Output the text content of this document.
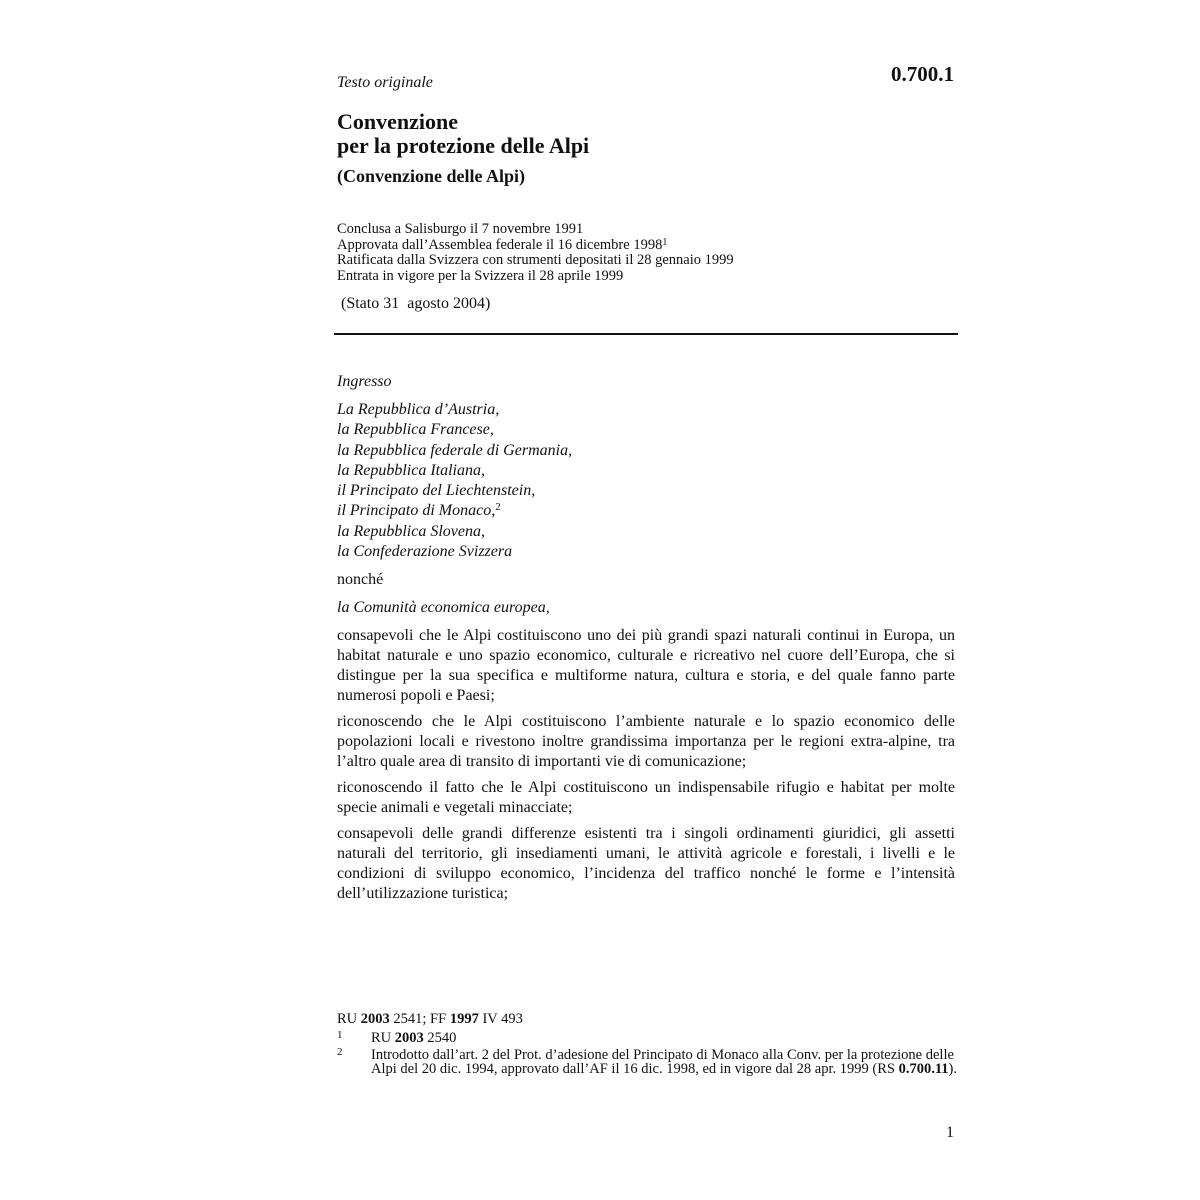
Testo originale	0.700.1
Convenzione
per la protezione delle Alpi
(Convenzione delle Alpi)
Conclusa a Salisburgo il 7 novembre 1991
Approvata dall’Assemblea federale il 16 dicembre 1998$^1$
Ratificata dalla Svizzera con strumenti depositati il 28 gennaio 1999
Entrata in vigore per la Svizzera il 28 aprile 1999
(Stato 31  agosto 2004)

Ingresso

La Repubblica d’Austria,
la Repubblica Francese,
la Repubblica federale di Germania,
la Repubblica Italiana,
il Principato del Liechtenstein,
il Principato di Monaco,$^2$
la Repubblica Slovena,
la Confederazione Svizzera

nonché

la Comunità economica europea,

consapevoli che le Alpi costituiscono uno dei più grandi spazi naturali continui in Europa, un habitat naturale e uno spazio economico, culturale e ricreativo nel cuore dell’Europa, che si distingue per la sua specifica e multiforme natura, cultura e storia, e del quale fanno parte numerosi popoli e Paesi;

riconoscendo che le Alpi costituiscono l’ambiente naturale e lo spazio economico delle popolazioni locali e rivestono inoltre grandissima importanza per le regioni extra-alpine, tra l’altro quale area di transito di importanti vie di comunicazione;

riconoscendo il fatto che le Alpi costituiscono un indispensabile rifugio e habitat per molte specie animali e vegetali minacciate;

consapevoli delle grandi differenze esistenti tra i singoli ordinamenti giuridici, gli assetti naturali del territorio, gli insediamenti umani, le attività agricole e forestali, i livelli e le condizioni di sviluppo economico, l’incidenza del traffico nonché le forme e l’intensità dell’utilizzazione turistica;

RU 2003 2541; FF 1997 IV 493
1 RU 2003 2540
2 Introdotto dall’art. 2 del Prot. d’adesione del Principato di Monaco alla Conv. per la protezione delle Alpi del 20 dic. 1994, approvato dall’AF il 16 dic. 1998, ed in vigore dal 28 apr. 1999 (RS 0.700.11).
1
